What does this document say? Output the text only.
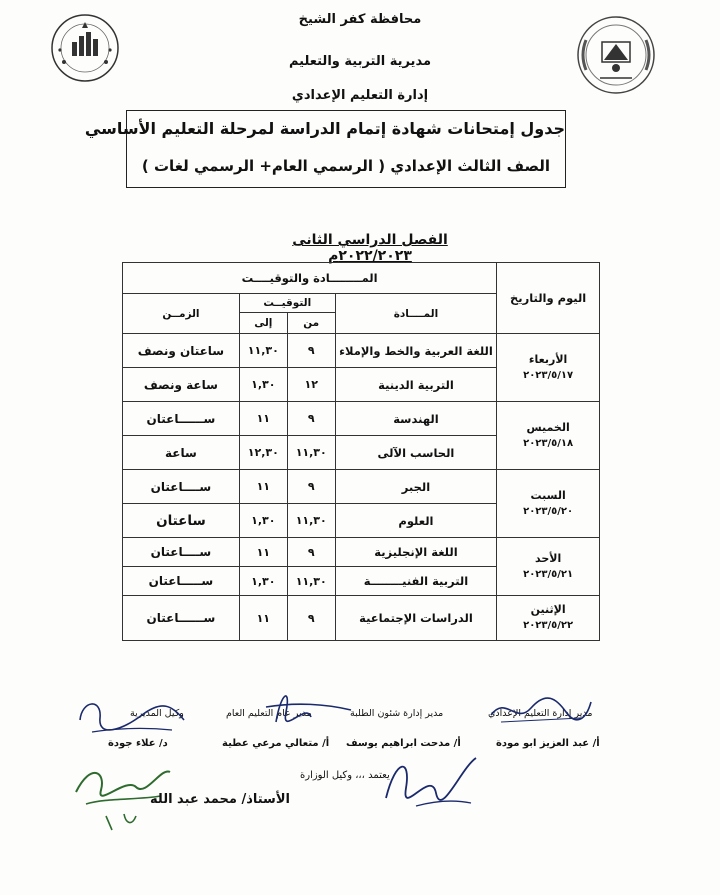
محافظة كفر الشيخ
مديرية التربية والتعليم
إدارة التعليم الإعدادي
جدول إمتحانات شهادة إتمام الدراسة لمرحلة التعليم الأساسي
الصف الثالث الإعدادي ( الرسمي العام+ الرسمي لغات )
الفصل الدراسي الثانى ٢٠٢٢/٢٠٢٣م
اليوم والتاريخ	المــــــــادة والتوقيــــت			
	المــــادة	التوقيــت		الزمــن
		من	إلى	

الأربعاء
٢٠٢٣/٥/١٧	اللغة العربية والخط والإملاء	٩	١١,٣٠	ساعتان ونصف
	التربية الدينية	١٢	١,٣٠	ساعة ونصف

الخميس
٢٠٢٣/٥/١٨	الهندسة	٩	١١	ســــــاعتان
	الحاسب الآلى	١١,٣٠	١٢,٣٠	ساعة

السبت
٢٠٢٣/٥/٢٠	الجبر	٩	١١	ســــاعتان
	العلوم	١١,٣٠	١,٣٠	ساعتان

الأحد
٢٠٢٣/٥/٢١	اللغة الإنجليزية	٩	١١	ســــاعتان
	التربية الفنيــــــــة	١١,٣٠	١,٣٠	ســـــاعتان

الإثنين
٢٠٢٣/٥/٢٢	الدراسات الإجتماعية	٩	١١	ســــــاعتان
مدير إدارة التعليم الإعدادي
أ/ عبد العزيز ابو مودة
مدير إدارة شئون الطلبة
أ/ مدحت ابراهيم يوسف
مدير عام التعليم العام
أ/ متعالي مرعي عطية
وكيل المديرية
د/ علاء جودة
يعتمد ،،، وكيل الوزارة
الأستاذ/ محمد عبد الله
